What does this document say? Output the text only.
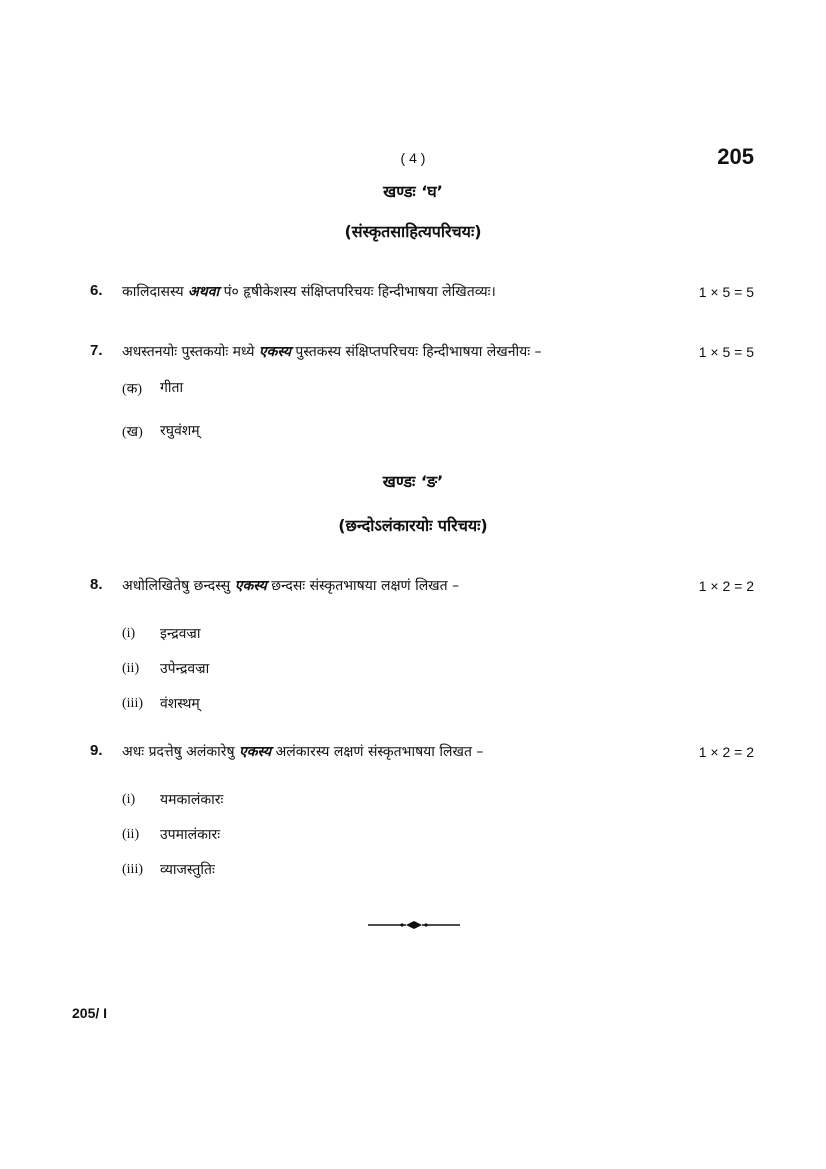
( 4 )	205
खण्डः ‘घ’
(संस्कृतसाहित्यपरिचयः)
6. कालिदासस्य अथवा पं० हृषीकेशस्य संक्षिप्तपरिचयः हिन्दीभाषया लेखितव्यः।	1 × 5 = 5
7. अधस्तनयोः पुस्तकयोः मध्ये एकस्य पुस्तकस्य संक्षिप्तपरिचयः हिन्दीभाषया लेखनीयः –	1 × 5 = 5
(क) गीता
(ख) रघुवंशम्
खण्डः ‘ङ’
(छन्दोऽलंकारयोः परिचयः)
8. अधोलिखितेषु छन्दस्सु एकस्य छन्दसः संस्कृतभाषया लक्षणं लिखत –	1 × 2 = 2
(i) इन्द्रवज्रा
(ii) उपेन्द्रवज्रा
(iii) वंशस्थम्
9. अधः प्रदत्तेषु अलंकारेषु एकस्य अलंकारस्य लक्षणं संस्कृतभाषया लिखत –	1 × 2 = 2
(i) यमकालंकारः
(ii) उपमालंकारः
(iii) व्याजस्तुतिः
205/ I
